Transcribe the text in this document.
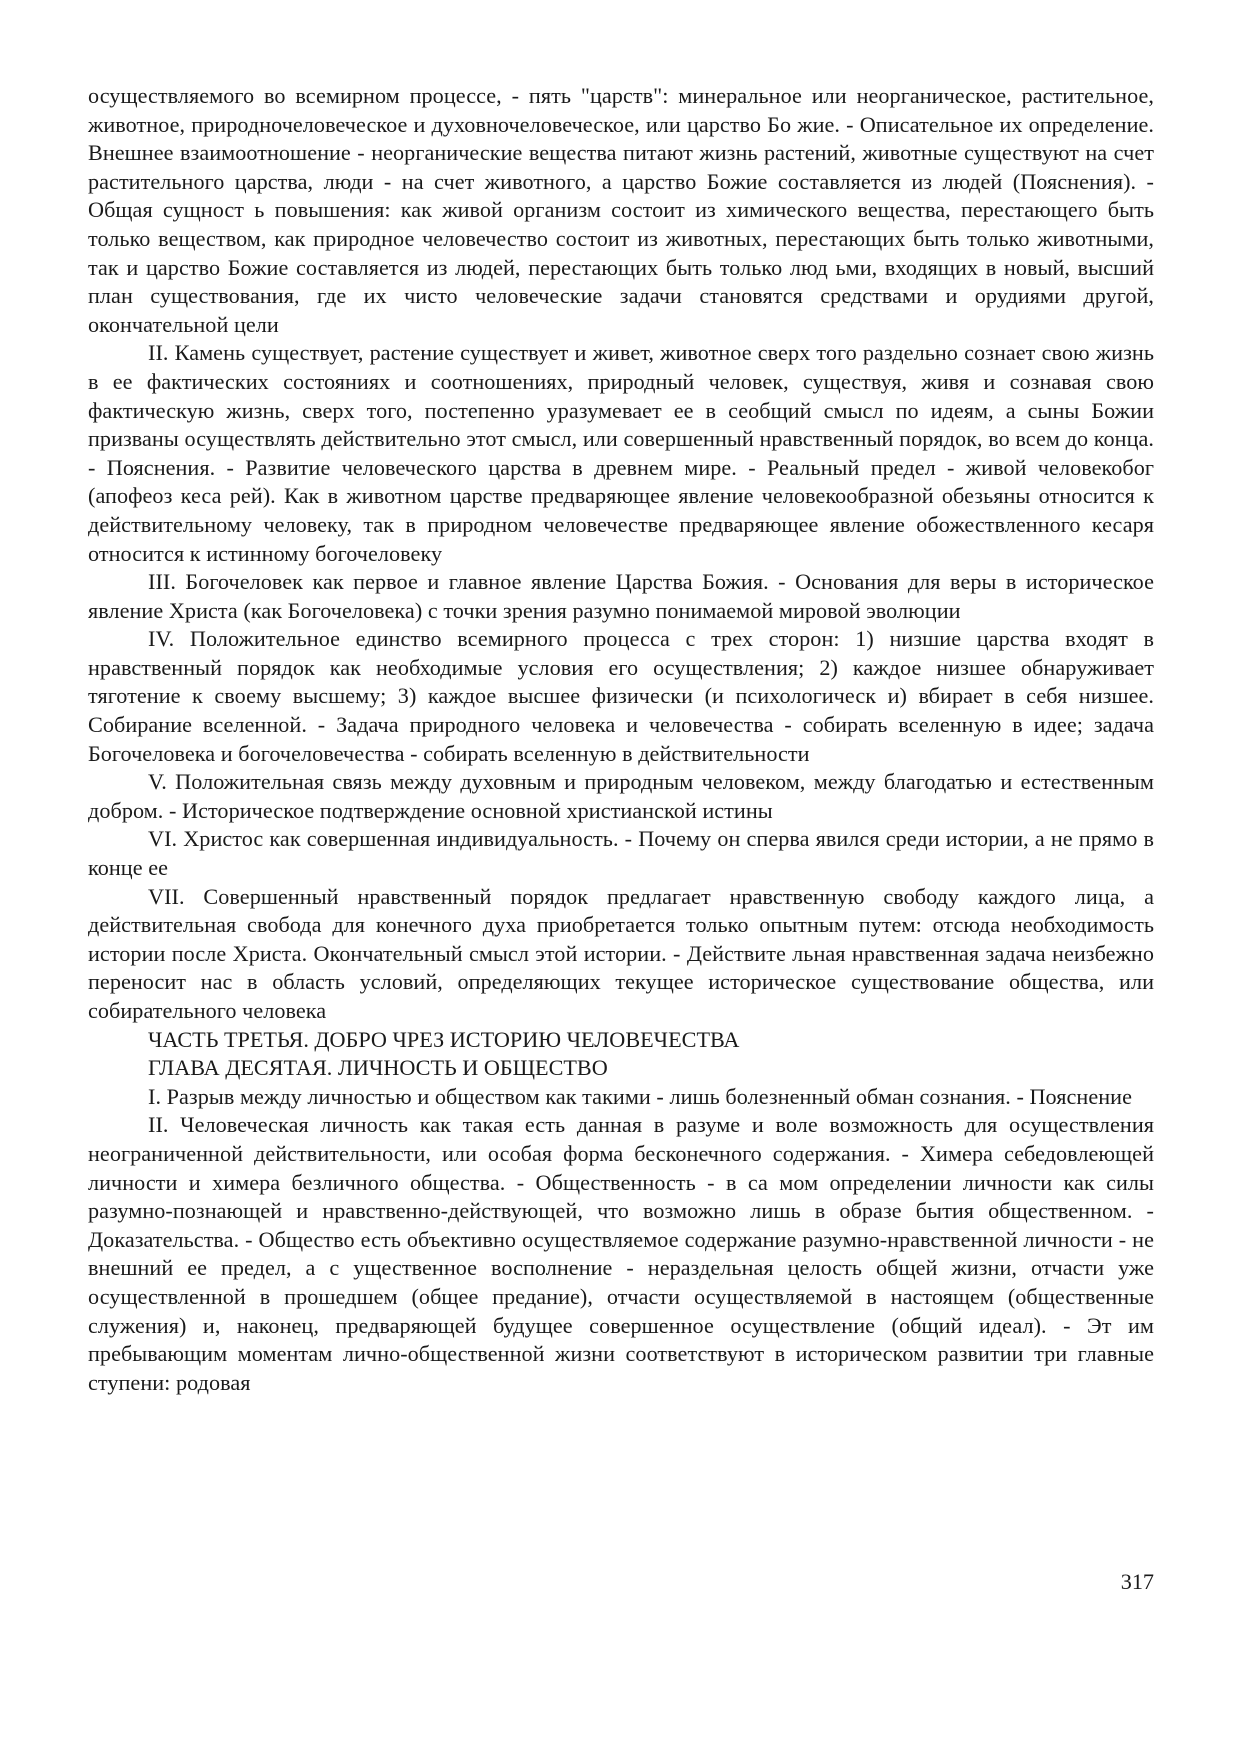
осуществляемого во всемирном процессе, - пять "царств": минеральное или неорганическое, растительное, животное, природночеловеческое и духовночеловеческое, или царство Бо жие. - Описательное их определение. Внешнее взаимоотношение - неорганические вещества питают жизнь растений, животные существуют на счет растительного царства, люди - на счет животного, а царство Божие составляется из людей (Пояснения). - Общая сущност ь повышения: как живой организм состоит из химического вещества, перестающего быть только веществом, как природное человечество состоит из животных, перестающих быть только животными, так и царство Божие составляется из людей, перестающих быть только люд ьми, входящих в новый, высший план существования, где их чисто человеческие задачи становятся средствами и орудиями другой, окончательной цели

II. Камень существует, растение существует и живет, животное сверх того раздельно сознает свою жизнь в ее фактических состояниях и соотношениях, природный человек, существуя, живя и сознавая свою фактическую жизнь, сверх того, постепенно уразумевает ее в сеобщий смысл по идеям, а сыны Божии призваны осуществлять действительно этот смысл, или совершенный нравственный порядок, во всем до конца. - Пояснения. - Развитие человеческого царства в древнем мире. - Реальный предел - живой человекобог (апофеоз кеса рей). Как в животном царстве предваряющее явление человекообразной обезьяны относится к действительному человеку, так в природном человечестве предваряющее явление обожествленного кесаря относится к истинному богочеловеку

III. Богочеловек как первое и главное явление Царства Божия. - Основания для веры в историческое явление Христа (как Богочеловека) с точки зрения разумно понимаемой мировой эволюции

IV. Положительное единство всемирного процесса с трех сторон: 1) низшие царства входят в нравственный порядок как необходимые условия его осуществления; 2) каждое низшее обнаруживает тяготение к своему высшему; 3) каждое высшее физически (и психологическ и) вбирает в себя низшее. Собирание вселенной. - Задача природного человека и человечества - собирать вселенную в идее; задача Богочеловека и богочеловечества - собирать вселенную в действительности

V. Положительная связь между духовным и природным человеком, между благодатью и естественным добром. - Историческое подтверждение основной христианской истины

VI. Христос как совершенная индивидуальность. - Почему он сперва явился среди истории, а не прямо в конце ее

VII. Совершенный нравственный порядок предлагает нравственную свободу каждого лица, а действительная свобода для конечного духа приобретается только опытным путем: отсюда необходимость истории после Христа. Окончательный смысл этой истории. - Действите льная нравственная задача неизбежно переносит нас в область условий, определяющих текущее историческое существование общества, или собирательного человека

ЧАСТЬ ТРЕТЬЯ. ДОБРО ЧРЕЗ ИСТОРИЮ ЧЕЛОВЕЧЕСТВА

ГЛАВА ДЕСЯТАЯ. ЛИЧНОСТЬ И ОБЩЕСТВО

I. Разрыв между личностью и обществом как такими - лишь болезненный обман сознания. - Пояснение

II. Человеческая личность как такая есть данная в разуме и воле возможность для осуществления неограниченной действительности, или особая форма бесконечного содержания. - Химера себедовлеющей личности и химера безличного общества. - Общественность - в са мом определении личности как силы разумно-познающей и нравственно-действующей, что возможно лишь в образе бытия общественном. - Доказательства. - Общество есть объективно осуществляемое содержание разумно-нравственной личности - не внешний ее предел, а с ущественное восполнение - нераздельная целость общей жизни, отчасти уже осуществленной в прошедшем (общее предание), отчасти осуществляемой в настоящем (общественные служения) и, наконец, предваряющей будущее совершенное осуществление (общий идеал). - Эт им пребывающим моментам лично-общественной жизни соответствуют в историческом развитии три главные ступени: родовая

317
